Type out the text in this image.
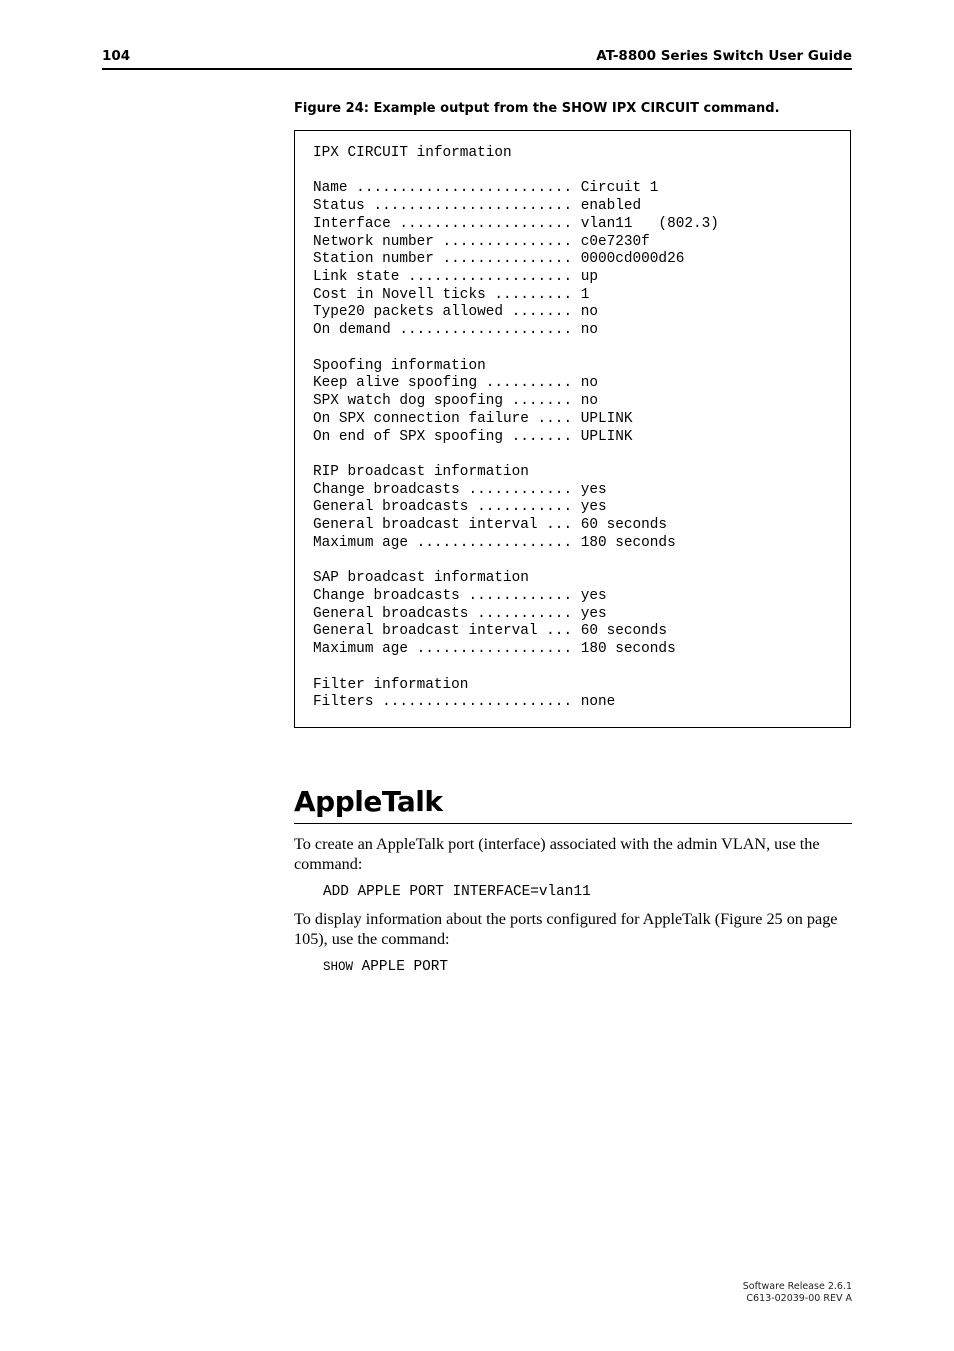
104	AT-8800 Series Switch User Guide
Figure 24: Example output from the SHOW IPX CIRCUIT command.
IPX CIRCUIT information

Name ......................... Circuit 1
Status ....................... enabled
Interface .................... vlan11   (802.3)
Network number ............... c0e7230f
Station number ............... 0000cd000d26
Link state ................... up
Cost in Novell ticks ......... 1
Type20 packets allowed ....... no
On demand .................... no

Spoofing information
Keep alive spoofing .......... no
SPX watch dog spoofing ....... no
On SPX connection failure .... UPLINK
On end of SPX spoofing ....... UPLINK

RIP broadcast information
Change broadcasts ............ yes
General broadcasts ........... yes
General broadcast interval ... 60 seconds
Maximum age .................. 180 seconds

SAP broadcast information
Change broadcasts ............ yes
General broadcasts ........... yes
General broadcast interval ... 60 seconds
Maximum age .................. 180 seconds

Filter information
Filters ...................... none
AppleTalk
To create an AppleTalk port (interface) associated with the admin VLAN, use the command:
ADD APPLE PORT INTERFACE=vlan11
To display information about the ports configured for AppleTalk (Figure 25 on page 105), use the command:
SHOW APPLE PORT
Software Release 2.6.1
C613-02039-00 REV A
